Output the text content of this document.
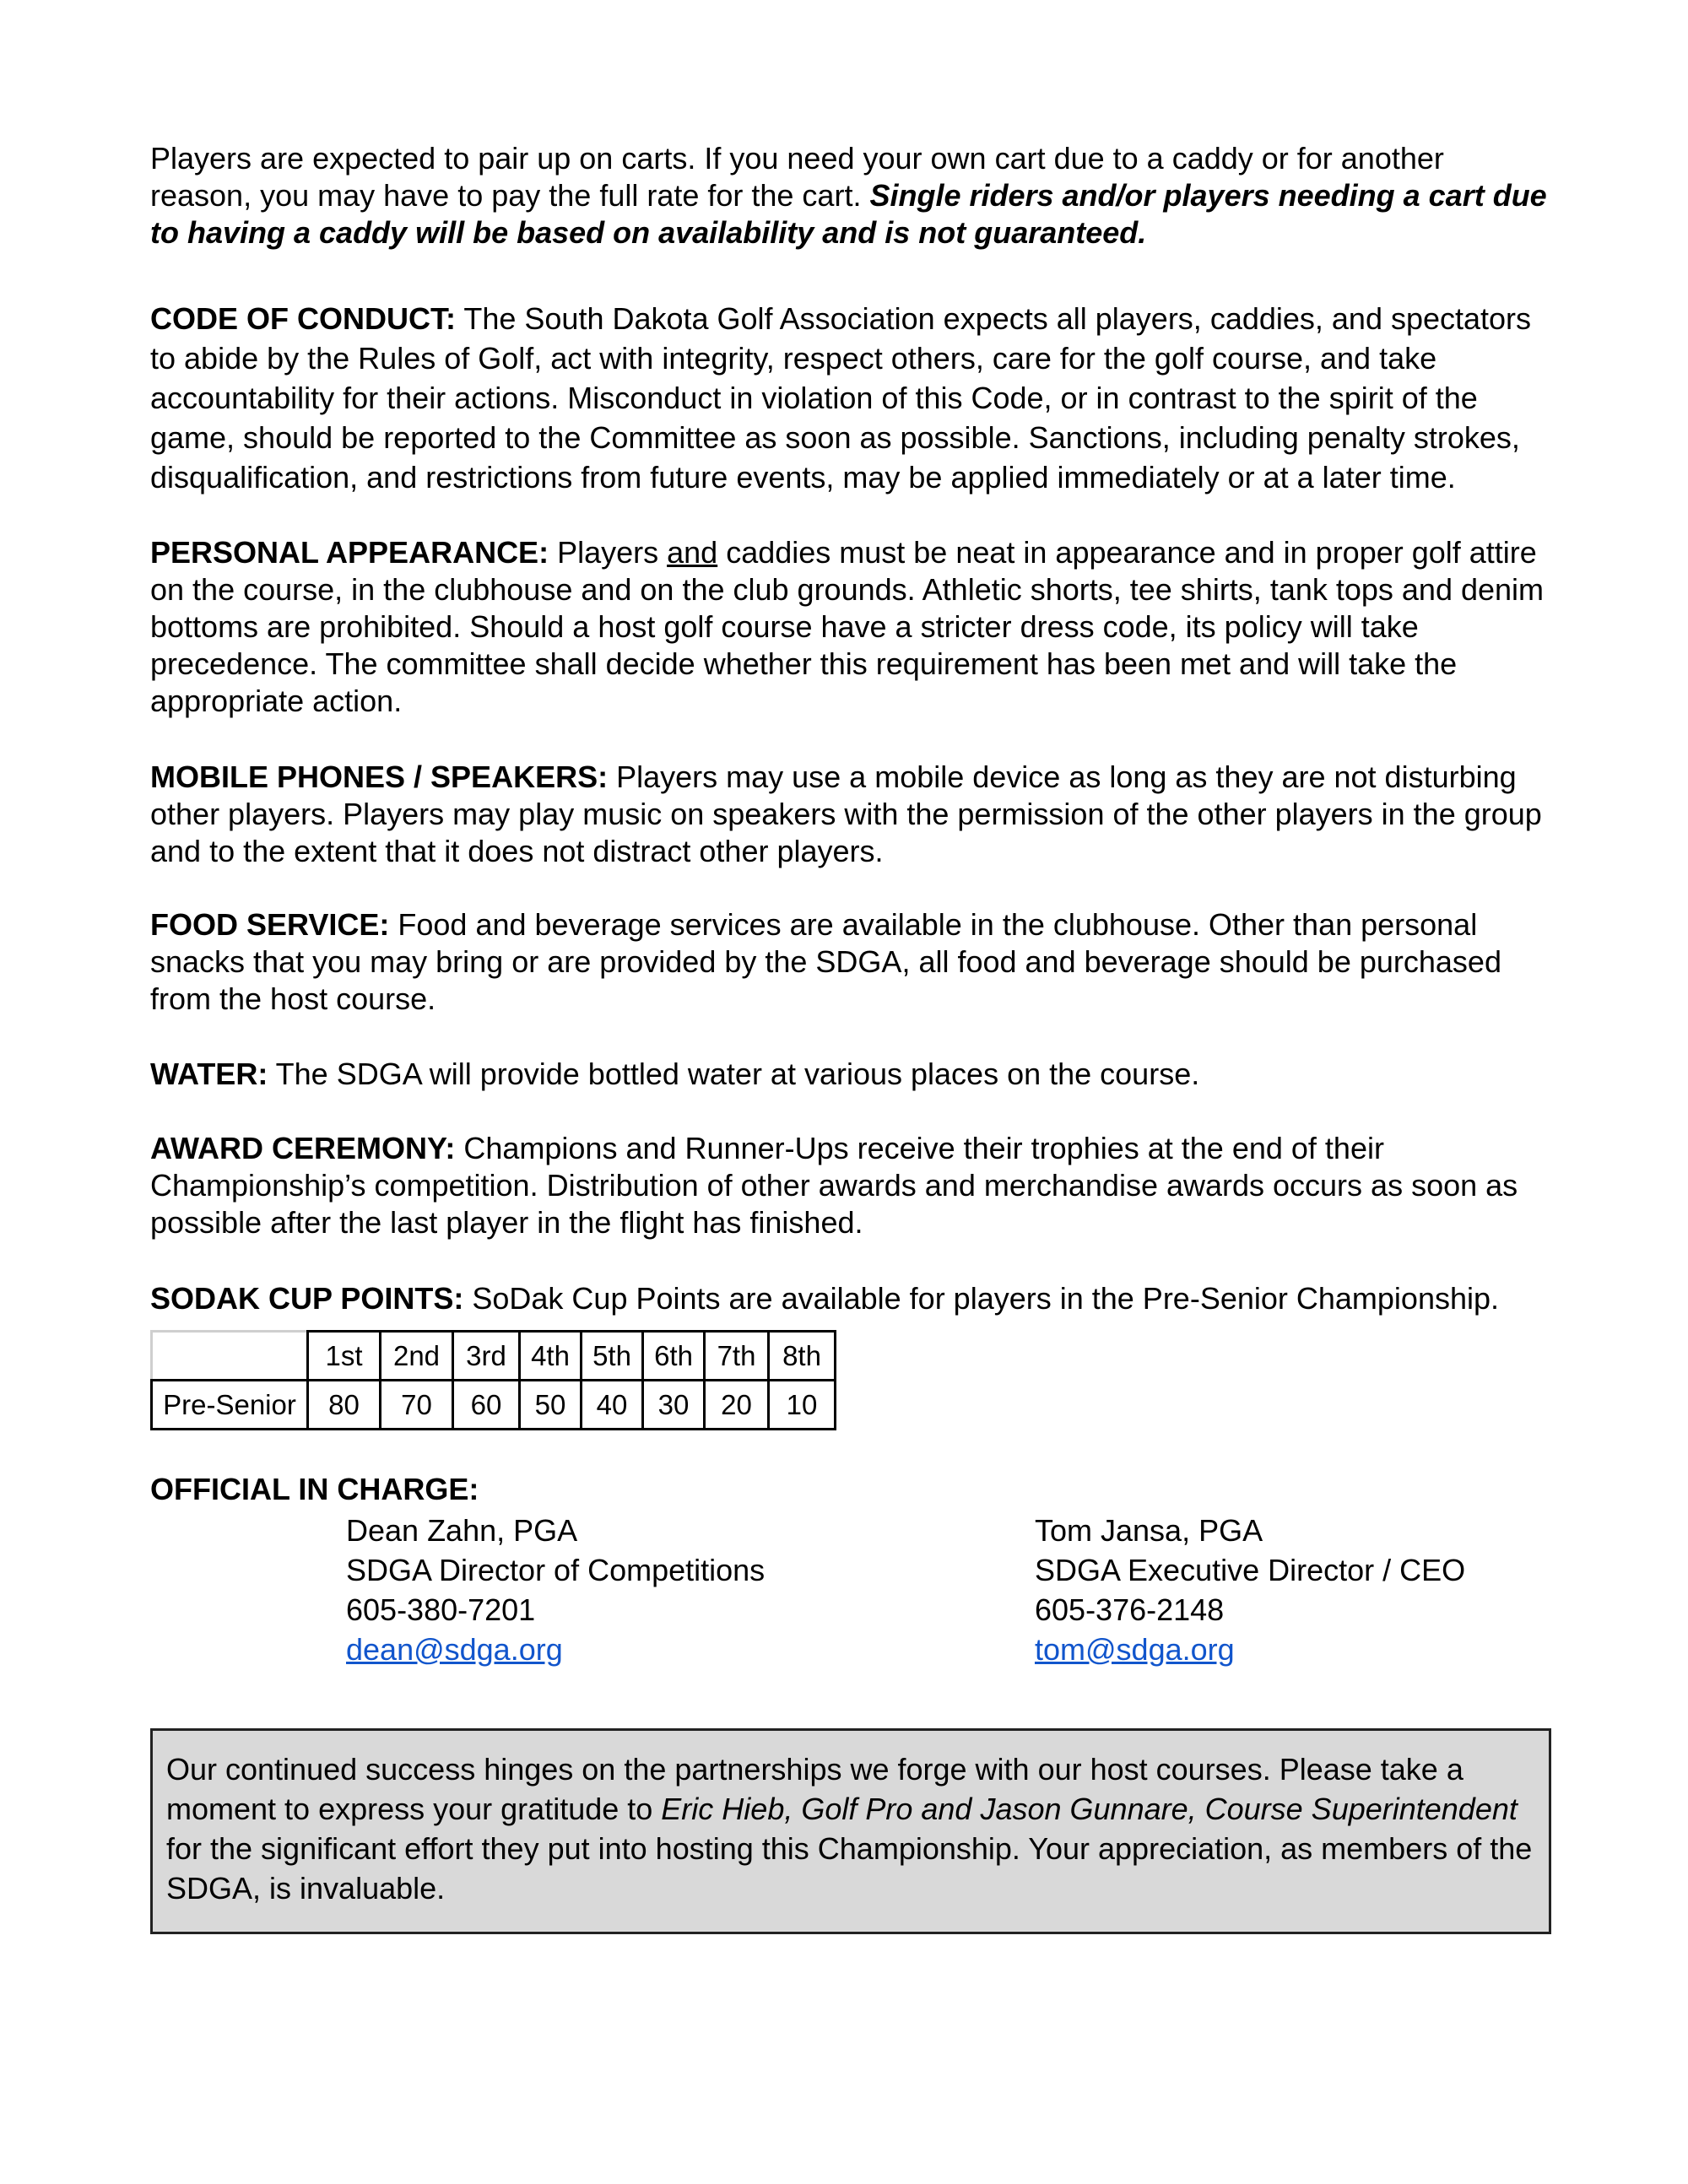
Players are expected to pair up on carts. If you need your own cart due to a caddy or for another reason, you may have to pay the full rate for the cart. Single riders and/or players needing a cart due to having a caddy will be based on availability and is not guaranteed.

CODE OF CONDUCT: The South Dakota Golf Association expects all players, caddies, and spectators to abide by the Rules of Golf, act with integrity, respect others, care for the golf course, and take accountability for their actions. Misconduct in violation of this Code, or in contrast to the spirit of the game, should be reported to the Committee as soon as possible. Sanctions, including penalty strokes, disqualification, and restrictions from future events, may be applied immediately or at a later time.

PERSONAL APPEARANCE: Players and caddies must be neat in appearance and in proper golf attire on the course, in the clubhouse and on the club grounds. Athletic shorts, tee shirts, tank tops and denim bottoms are prohibited. Should a host golf course have a stricter dress code, its policy will take precedence. The committee shall decide whether this requirement has been met and will take the appropriate action.

MOBILE PHONES / SPEAKERS: Players may use a mobile device as long as they are not disturbing other players. Players may play music on speakers with the permission of the other players in the group and to the extent that it does not distract other players.

FOOD SERVICE: Food and beverage services are available in the clubhouse. Other than personal snacks that you may bring or are provided by the SDGA, all food and beverage should be purchased from the host course.

WATER: The SDGA will provide bottled water at various places on the course.

AWARD CEREMONY: Champions and Runner-Ups receive their trophies at the end of their Championship’s competition. Distribution of other awards and merchandise awards occurs as soon as possible after the last player in the flight has finished.

SODAK CUP POINTS: SoDak Cup Points are available for players in the Pre-Senior Championship.

	1st	2nd	3rd	4th	5th	6th	7th	8th
Pre-Senior	80	70	60	50	40	30	20	10

OFFICIAL IN CHARGE:

Dean Zahn, PGA
SDGA Director of Competitions
605-380-7201
dean@sdga.org
Tom Jansa, PGA
SDGA Executive Director / CEO
605-376-2148
tom@sdga.org

Our continued success hinges on the partnerships we forge with our host courses. Please take a moment to express your gratitude to Eric Hieb, Golf Pro and Jason Gunnare, Course Superintendent for the significant effort they put into hosting this Championship. Your appreciation, as members of the SDGA, is invaluable.
